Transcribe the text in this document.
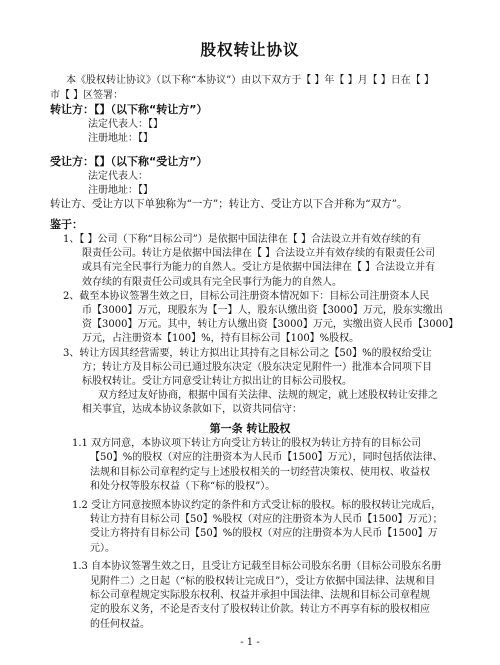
股权转让协议
本《股权转让协议》（以下称“本协议”）由以下双方于【 】年【 】月【 】日在【 】
市【 】区签署：
转让方：【】（以下称“转让方”）
法定代表人：【】
注册地址：【】
受让方：【】（以下称“受让方”）
法定代表人：
注册地址：【】
转让方、受让方以下单独称为“一方”；转让方、受让方以下合并称为“双方”。
鉴于：
1、【 】公司（下称“目标公司”）是依据中国法律在【 】合法设立并有效存续的有
限责任公司。转让方是依据中国法律在【 】合法设立并有效存续的有限责任公司
或具有完全民事行为能力的自然人。受让方是依据中国法律在【 】合法设立并有
效存续的有限责任公司或具有完全民事行为能力的自然人。
2、截至本协议签署生效之日，目标公司注册资本情况如下：目标公司注册资本人民
币【3000】万元，现股东为【一】人，股东认缴出资【3000】万元，股东实缴出
资【3000】万元。其中，转让方认缴出资【3000】万元，实缴出资人民币【3000】
万元，占注册资本【100】%，持有目标公司【100】%股权。
3、转让方因其经营需要，转让方拟出让其持有之目标公司之【50】%的股权给受让
方；转让方及目标公司已通过股东决定（股东决定见附件一）批准本合同项下目
标股权转让。受让方同意受让转让方拟出让的目标公司股权。
双方经过友好协商，根据中国有关法律、法规的规定，就上述股权转让安排之
相关事宜，达成本协议条款如下，以资共同信守：
第一条 转让股权
1.1 双方同意，本协议项下转让方向受让方转让的股权为转让方持有的目标公司
【50】%的股权（对应的注册资本为人民币【1500】万元），同时包括依法律、
法规和目标公司章程约定与上述股权相关的一切经营决策权、使用权、收益权
和处分权等股东权益（下称“标的股权”）。
1.2 受让方同意按照本协议约定的条件和方式受让标的股权。标的股权转让完成后，
转让方持有目标公司【50】%股权（对应的注册资本为人民币【1500】万元）；
受让方将持有目标公司【50】%的股权（对应的注册资本为人民币【1500】万
元）。
1.3 自本协议签署生效之日，且受让方记载至目标公司股东名册（目标公司股东名册
见附件二）之日起（“标的股权转让完成日”），受让方依据中国法律、法规和目
标公司章程规定实际股东权利、权益并承担中国法律、法规和目标公司章程规
定的股东义务，不论是否支付了股权转让价款。转让方不再享有标的股权相应
的任何权益。
- 1 -
